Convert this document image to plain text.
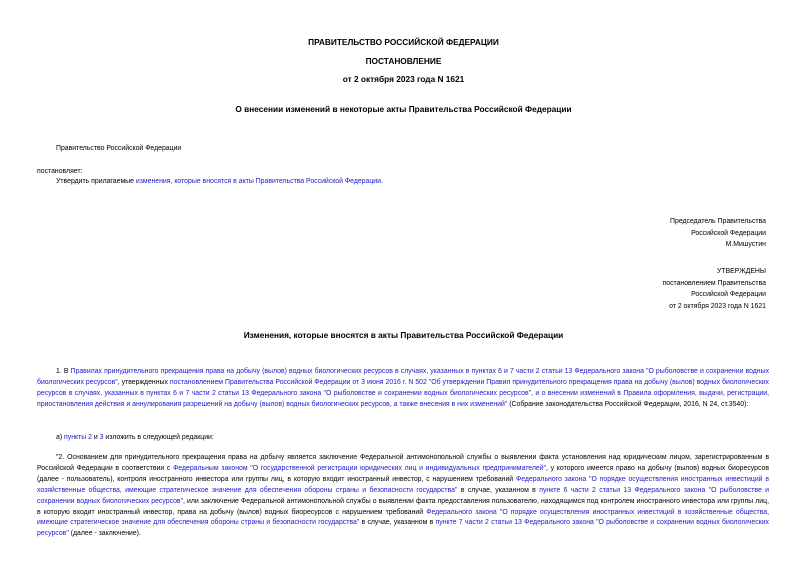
ПРАВИТЕЛЬСТВО РОССИЙСКОЙ ФЕДЕРАЦИИ
ПОСТАНОВЛЕНИЕ
от 2 октября 2023 года N 1621
О внесении изменений в некоторые акты Правительства Российской Федерации
Правительство Российской Федерации
постановляет:
Утвердить прилагаемые изменения, которые вносятся в акты Правительства Российской Федерации.
Председатель Правительства
Российской Федерации
М.Мишустин
УТВЕРЖДЕНЫ
постановлением Правительства
Российской Федерации
от 2 октября 2023 года N 1621
Изменения, которые вносятся в акты Правительства Российской Федерации
1. В Правилах принудительного прекращения права на добычу (вылов) водных биологических ресурсов в случаях, указанных в пунктах 6 и 7 части 2 статьи 13 Федерального закона "О рыболовстве и сохранении водных биологических ресурсов", утвержденных постановлением Правительства Российской Федерации от 3 июня 2016 г. N 502 "Об утверждении Правил принудительного прекращения права на добычу (вылов) водных биологических ресурсов в случаях, указанных в пунктах 6 и 7 части 2 статьи 13 Федерального закона "О рыболовстве и сохранении водных биологических ресурсов", и о внесении изменений в Правила оформления, выдачи, регистрации, приостановления действия и аннулирования разрешений на добычу (вылов) водных биологических ресурсов, а также внесения в них изменений" (Собрание законодательства Российской Федерации, 2016, N 24, ст.3540):
а) пункты 2 и 3 изложить в следующей редакции:
"2. Основанием для принудительного прекращения права на добычу является заключение Федеральной антимонопольной службы о выявлении факта установления над юридическим лицом, зарегистрированным в Российской Федерации в соответствии с Федеральным законом "О государственной регистрации юридических лиц и индивидуальных предпринимателей", у которого имеется право на добычу (вылов) водных биоресурсов (далее - пользователь), контроля иностранного инвестора или группы лиц, в которую входит иностранный инвестор, с нарушением требований Федерального закона "О порядке осуществления иностранных инвестиций в хозяйственные общества, имеющие стратегическое значение для обеспечения обороны страны и безопасности государства" в случае, указанном в пункте 6 части 2 статьи 13 Федерального закона "О рыболовстве и сохранении водных биологических ресурсов", или заключение Федеральной антимонопольной службы о выявлении факта предоставления пользователю, находящимся под контролем иностранного инвестора или группы лиц, в которую входит иностранный инвестор, права на добычу (вылов) водных биоресурсов с нарушением требований Федерального закона "О порядке осуществления иностранных инвестиций в хозяйственные общества, имеющие стратегическое значение для обеспечения обороны страны и безопасности государства" в случае, указанном в пункте 7 части 2 статьи 13 Федерального закона "О рыболовстве и сохранении водных биологических ресурсов" (далее - заключение).
